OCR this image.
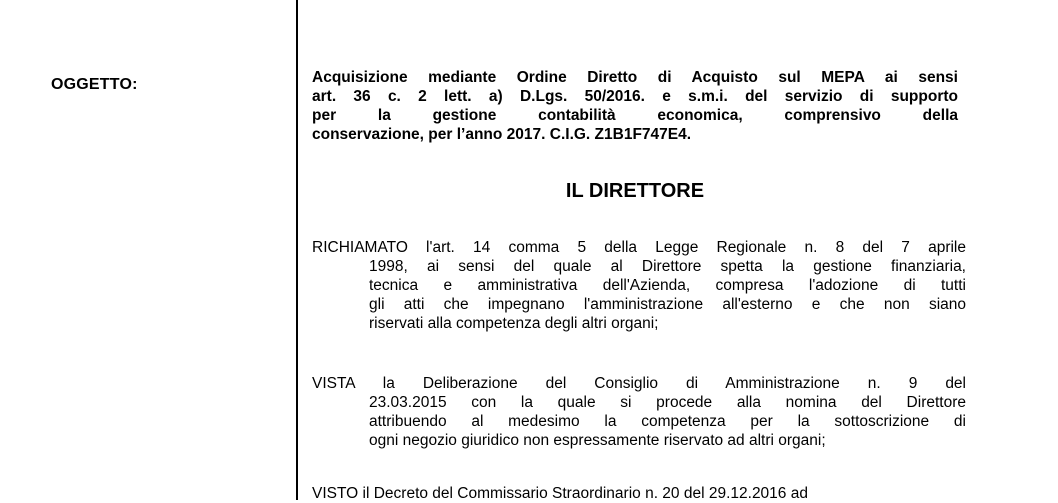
OGGETTO:	Acquisizione mediante Ordine Diretto di Acquisto sul MEPA ai sensi
art. 36 c. 2 lett. a) D.Lgs. 50/2016. e s.m.i. del servizio di supporto
per la gestione contabilità economica, comprensivo della
conservazione, per l’anno 2017. C.I.G. Z1B1F747E4.
IL DIRETTORE
RICHIAMATO l'art. 14 comma 5 della Legge Regionale n. 8 del 7 aprile
1998, ai sensi del quale al Direttore spetta la gestione finanziaria,
tecnica e amministrativa dell'Azienda, compresa l'adozione di tutti
gli atti che impegnano l'amministrazione all'esterno e che non siano
riservati alla competenza degli altri organi;
VISTA la Deliberazione del Consiglio di Amministrazione n. 9 del
23.03.2015 con la quale si procede alla nomina del Direttore
attribuendo al medesimo la competenza per la sottoscrizione di
ogni negozio giuridico non espressamente riservato ad altri organi;
VISTO il Decreto del Commissario Straordinario n. 20 del 29.12.2016 ad
